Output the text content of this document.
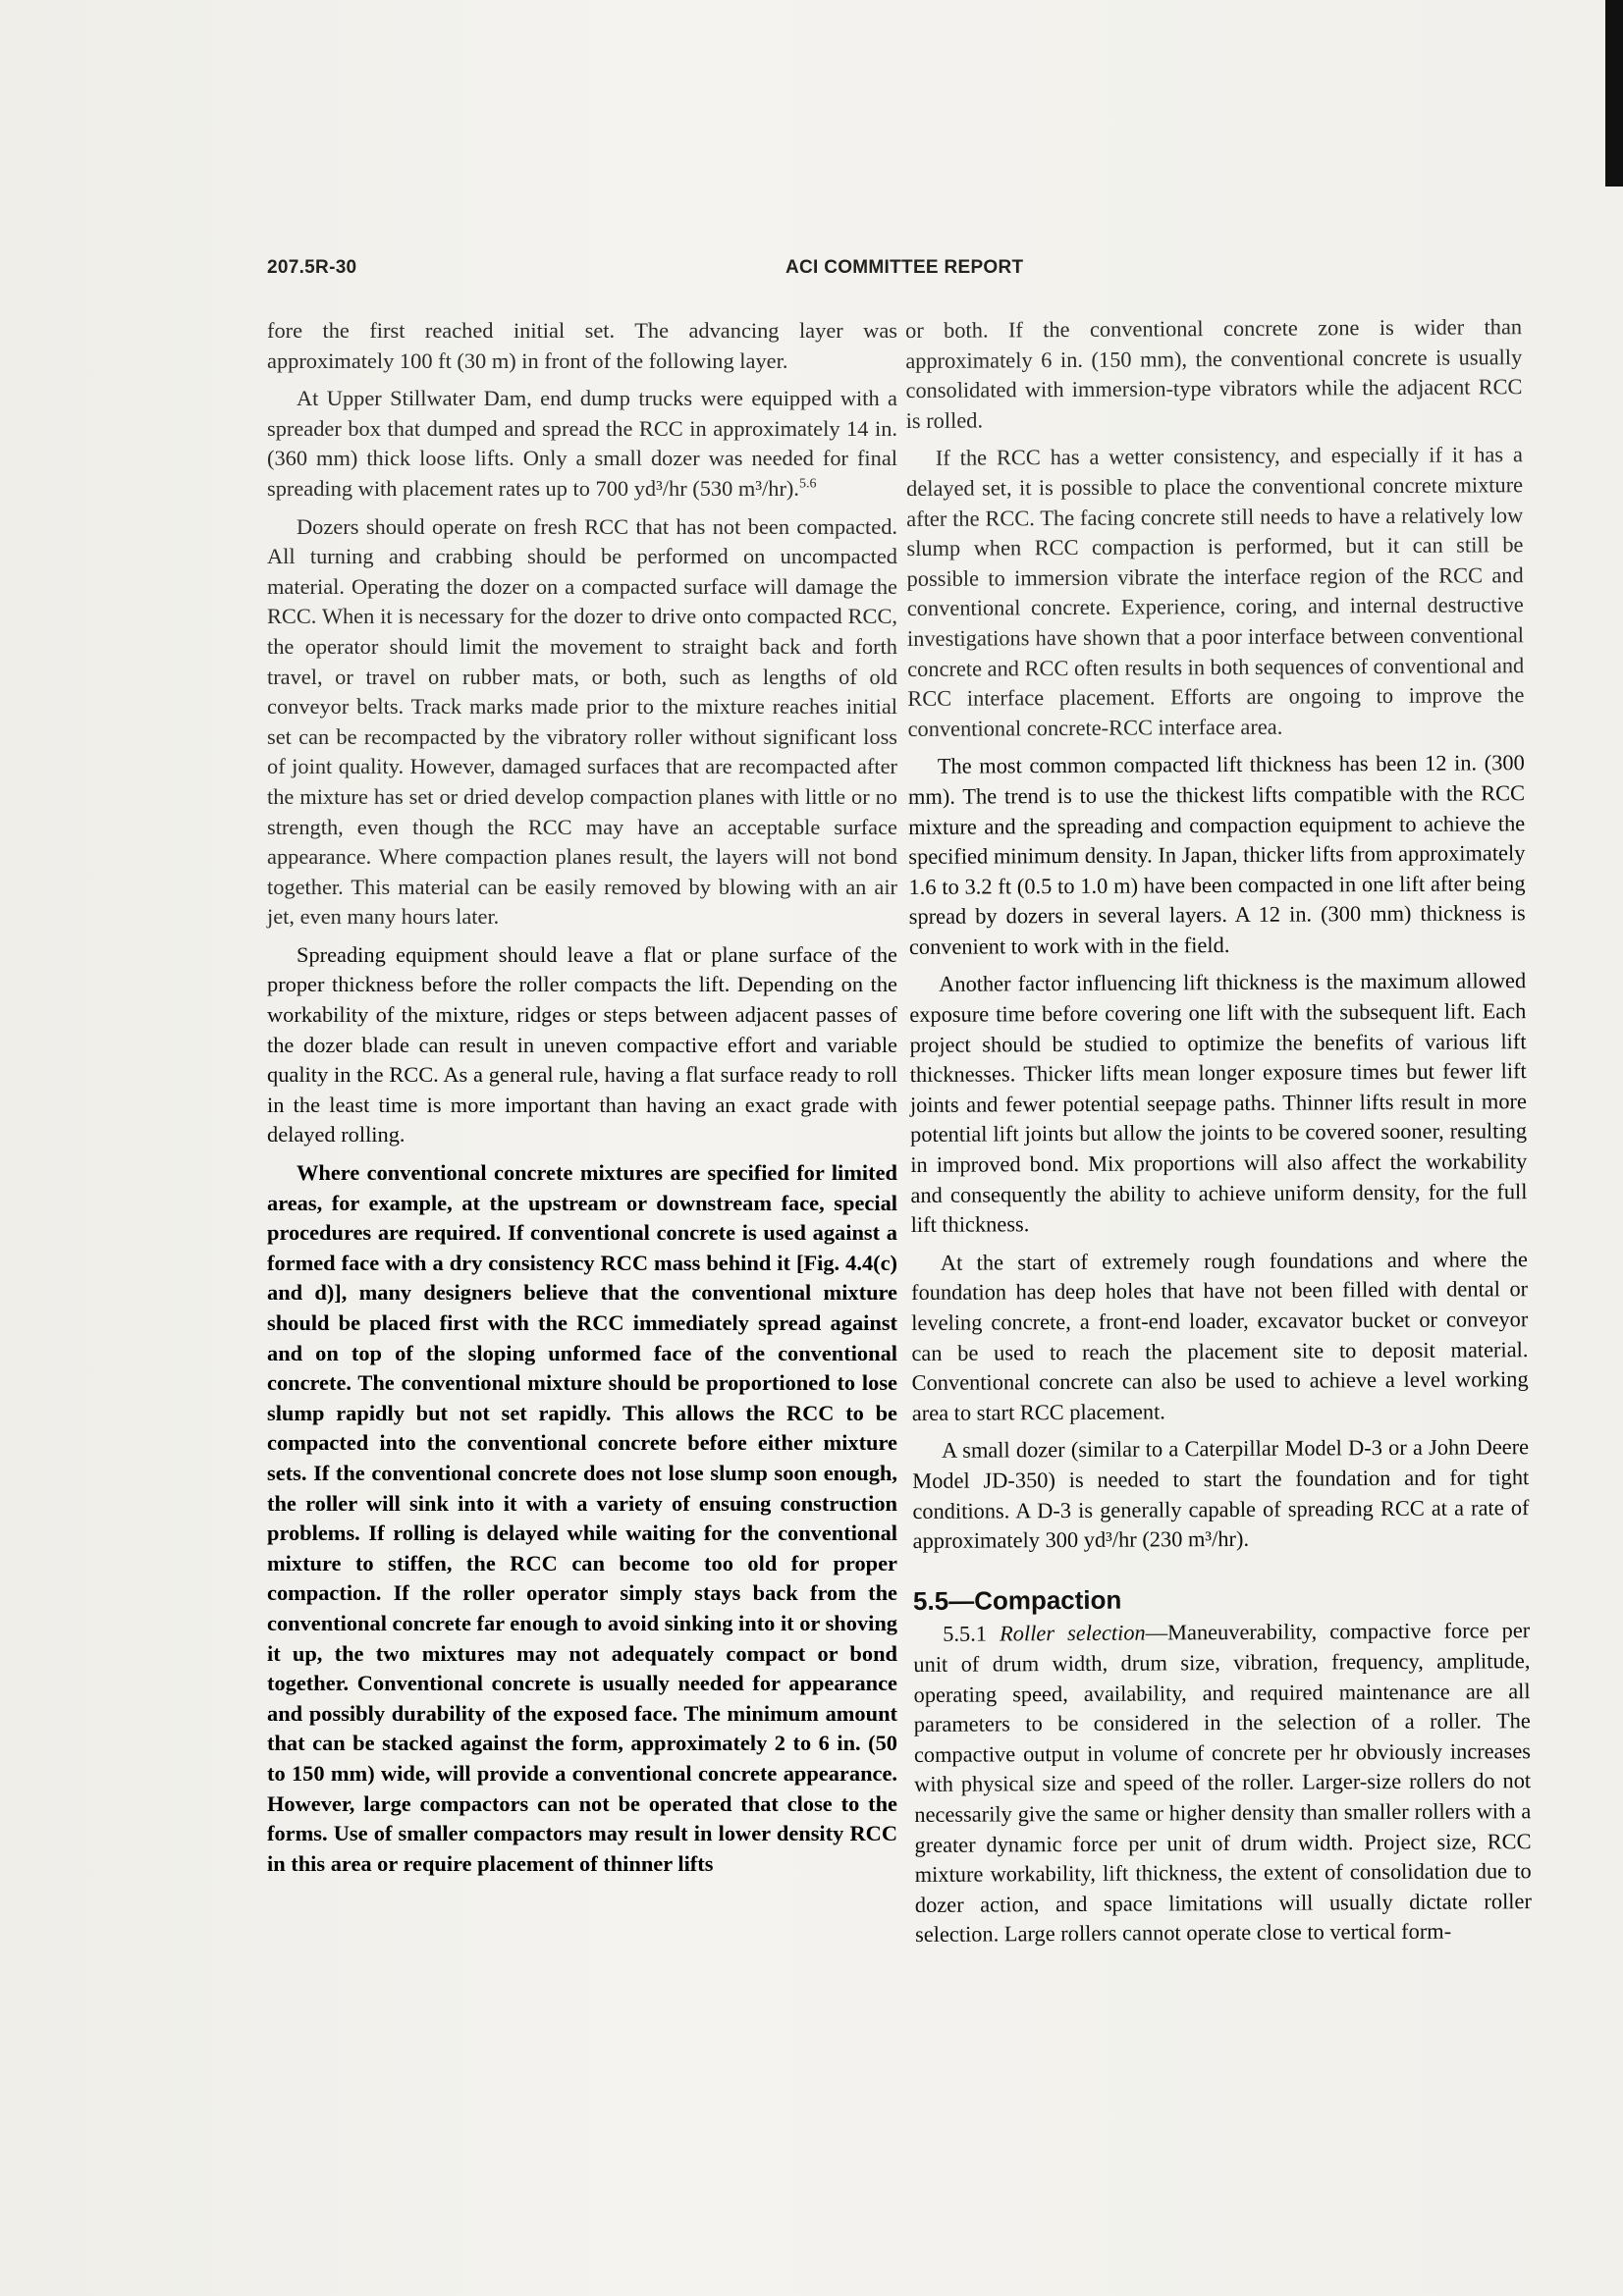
207.5R-30	ACI COMMITTEE REPORT

fore the first reached initial set. The advancing layer was approximately 100 ft (30 m) in front of the following layer.

At Upper Stillwater Dam, end dump trucks were equipped with a spreader box that dumped and spread the RCC in approximately 14 in. (360 mm) thick loose lifts. Only a small dozer was needed for final spreading with placement rates up to 700 yd³/hr (530 m³/hr).$^{5.6}$

Dozers should operate on fresh RCC that has not been compacted. All turning and crabbing should be performed on uncompacted material. Operating the dozer on a compacted surface will damage the RCC. When it is necessary for the dozer to drive onto compacted RCC, the operator should limit the movement to straight back and forth travel, or travel on rubber mats, or both, such as lengths of old conveyor belts. Track marks made prior to the mixture reaches initial set can be recompacted by the vibratory roller without significant loss of joint quality. However, damaged surfaces that are recompacted after the mixture has set or dried develop compaction planes with little or no strength, even though the RCC may have an acceptable surface appearance. Where compaction planes result, the layers will not bond together. This material can be easily removed by blowing with an air jet, even many hours later.

Spreading equipment should leave a flat or plane surface of the proper thickness before the roller compacts the lift. Depending on the workability of the mixture, ridges or steps between adjacent passes of the dozer blade can result in uneven compactive effort and variable quality in the RCC. As a general rule, having a flat surface ready to roll in the least time is more important than having an exact grade with delayed rolling.

Where conventional concrete mixtures are specified for limited areas, for example, at the upstream or downstream face, special procedures are required. If conventional concrete is used against a formed face with a dry consistency RCC mass behind it [Fig. 4.4(c) and d)], many designers believe that the conventional mixture should be placed first with the RCC immediately spread against and on top of the sloping unformed face of the conventional concrete. The conventional mixture should be proportioned to lose slump rapidly but not set rapidly. This allows the RCC to be compacted into the conventional concrete before either mixture sets. If the conventional concrete does not lose slump soon enough, the roller will sink into it with a variety of ensuing construction problems. If rolling is delayed while waiting for the conventional mixture to stiffen, the RCC can become too old for proper compaction. If the roller operator simply stays back from the conventional concrete far enough to avoid sinking into it or shoving it up, the two mixtures may not adequately compact or bond together. Conventional concrete is usually needed for appearance and possibly durability of the exposed face. The minimum amount that can be stacked against the form, approximately 2 to 6 in. (50 to 150 mm) wide, will provide a conventional concrete appearance. However, large compactors can not be operated that close to the forms. Use of smaller compactors may result in lower density RCC in this area or require placement of thinner lifts

or both. If the conventional concrete zone is wider than approximately 6 in. (150 mm), the conventional concrete is usually consolidated with immersion-type vibrators while the adjacent RCC is rolled.

If the RCC has a wetter consistency, and especially if it has a delayed set, it is possible to place the conventional concrete mixture after the RCC. The facing concrete still needs to have a relatively low slump when RCC compaction is performed, but it can still be possible to immersion vibrate the interface region of the RCC and conventional concrete. Experience, coring, and internal destructive investigations have shown that a poor interface between conventional concrete and RCC often results in both sequences of conventional and RCC interface placement. Efforts are ongoing to improve the conventional concrete-RCC interface area.

The most common compacted lift thickness has been 12 in. (300 mm). The trend is to use the thickest lifts compatible with the RCC mixture and the spreading and compaction equipment to achieve the specified minimum density. In Japan, thicker lifts from approximately 1.6 to 3.2 ft (0.5 to 1.0 m) have been compacted in one lift after being spread by dozers in several layers. A 12 in. (300 mm) thickness is convenient to work with in the field.

Another factor influencing lift thickness is the maximum allowed exposure time before covering one lift with the subsequent lift. Each project should be studied to optimize the benefits of various lift thicknesses. Thicker lifts mean longer exposure times but fewer lift joints and fewer potential seepage paths. Thinner lifts result in more potential lift joints but allow the joints to be covered sooner, resulting in improved bond. Mix proportions will also affect the workability and consequently the ability to achieve uniform density, for the full lift thickness.

At the start of extremely rough foundations and where the foundation has deep holes that have not been filled with dental or leveling concrete, a front-end loader, excavator bucket or conveyor can be used to reach the placement site to deposit material. Conventional concrete can also be used to achieve a level working area to start RCC placement.

A small dozer (similar to a Caterpillar Model D-3 or a John Deere Model JD-350) is needed to start the foundation and for tight conditions. A D-3 is generally capable of spreading RCC at a rate of approximately 300 yd³/hr (230 m³/hr).

5.5—Compaction

5.5.1 Roller selection—Maneuverability, compactive force per unit of drum width, drum size, vibration, frequency, amplitude, operating speed, availability, and required maintenance are all parameters to be considered in the selection of a roller. The compactive output in volume of concrete per hr obviously increases with physical size and speed of the roller. Larger-size rollers do not necessarily give the same or higher density than smaller rollers with a greater dynamic force per unit of drum width. Project size, RCC mixture workability, lift thickness, the extent of consolidation due to dozer action, and space limitations will usually dictate roller selection. Large rollers cannot operate close to vertical form-
